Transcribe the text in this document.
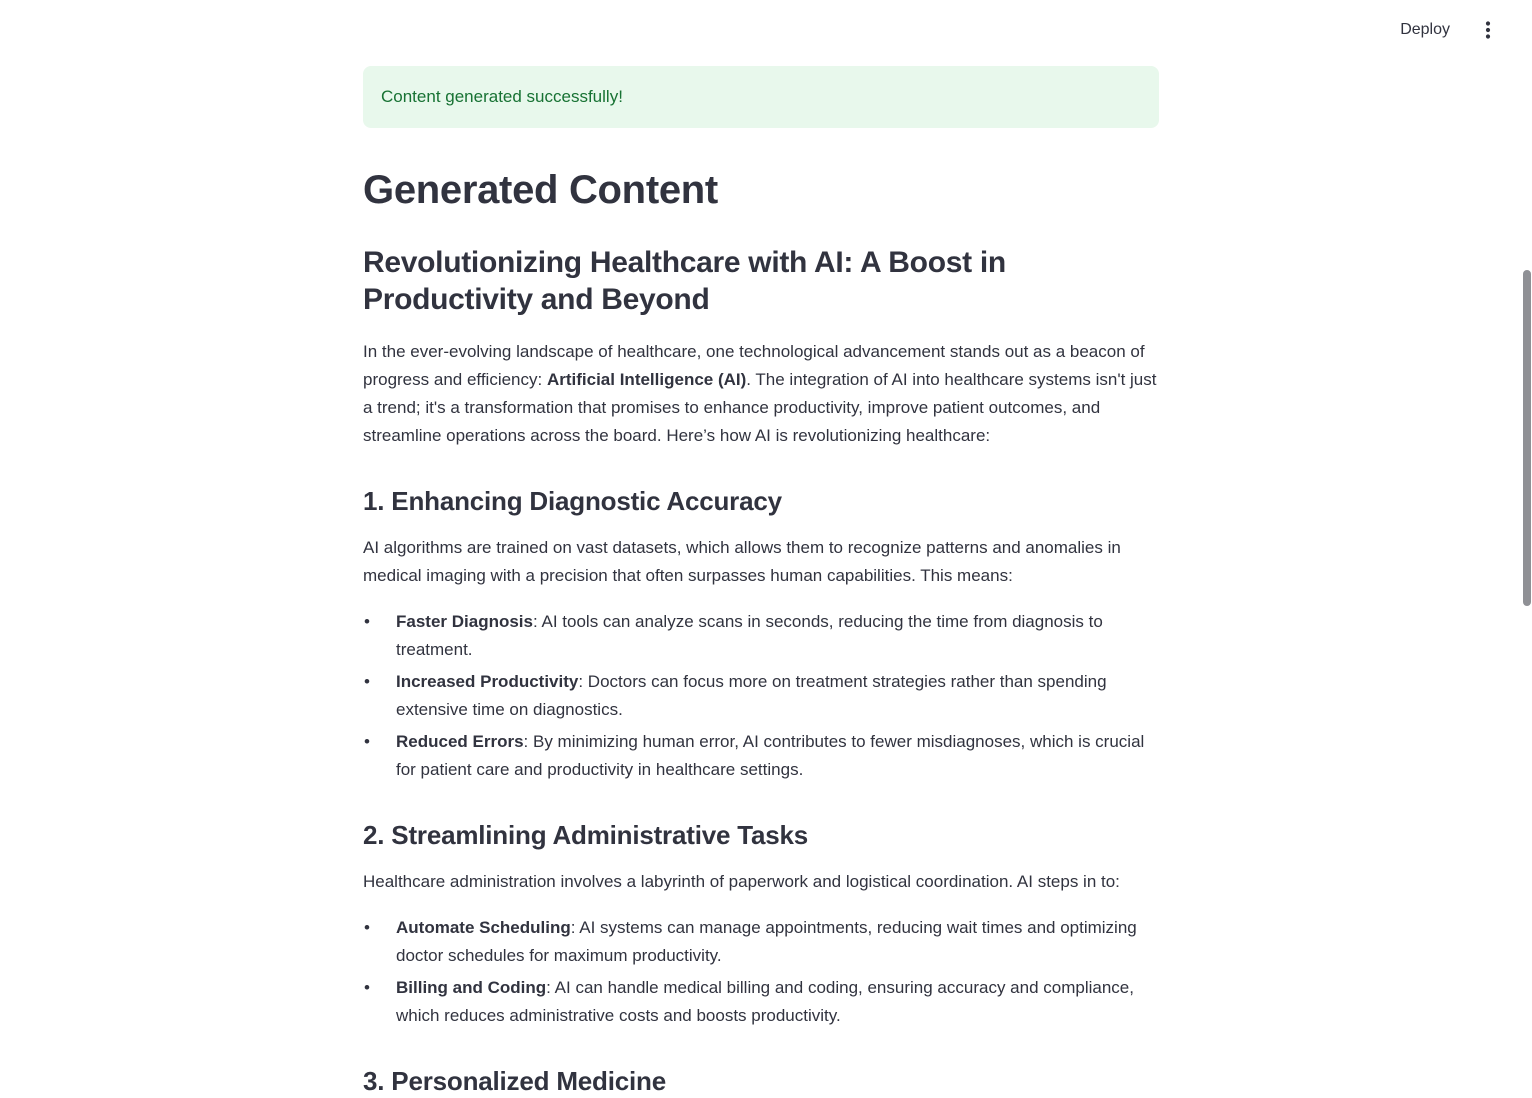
Deploy
Content generated successfully!
Generated Content
Revolutionizing Healthcare with AI: A Boost in Productivity and Beyond

In the ever-evolving landscape of healthcare, one technological advancement stands out as a beacon of progress and efficiency: Artificial Intelligence (AI). The integration of AI into healthcare systems isn't just a trend; it's a transformation that promises to enhance productivity, improve patient outcomes, and streamline operations across the board. Here’s how AI is revolutionizing healthcare:

1. Enhancing Diagnostic Accuracy

AI algorithms are trained on vast datasets, which allows them to recognize patterns and anomalies in medical imaging with a precision that often surpasses human capabilities. This means:

• Faster Diagnosis: AI tools can analyze scans in seconds, reducing the time from diagnosis to treatment.
• Increased Productivity: Doctors can focus more on treatment strategies rather than spending extensive time on diagnostics.
• Reduced Errors: By minimizing human error, AI contributes to fewer misdiagnoses, which is crucial for patient care and productivity in healthcare settings.
2. Streamlining Administrative Tasks

Healthcare administration involves a labyrinth of paperwork and logistical coordination. AI steps in to:

• Automate Scheduling: AI systems can manage appointments, reducing wait times and optimizing doctor schedules for maximum productivity.
• Billing and Coding: AI can handle medical billing and coding, ensuring accuracy and compliance, which reduces administrative costs and boosts productivity.
3. Personalized Medicine
